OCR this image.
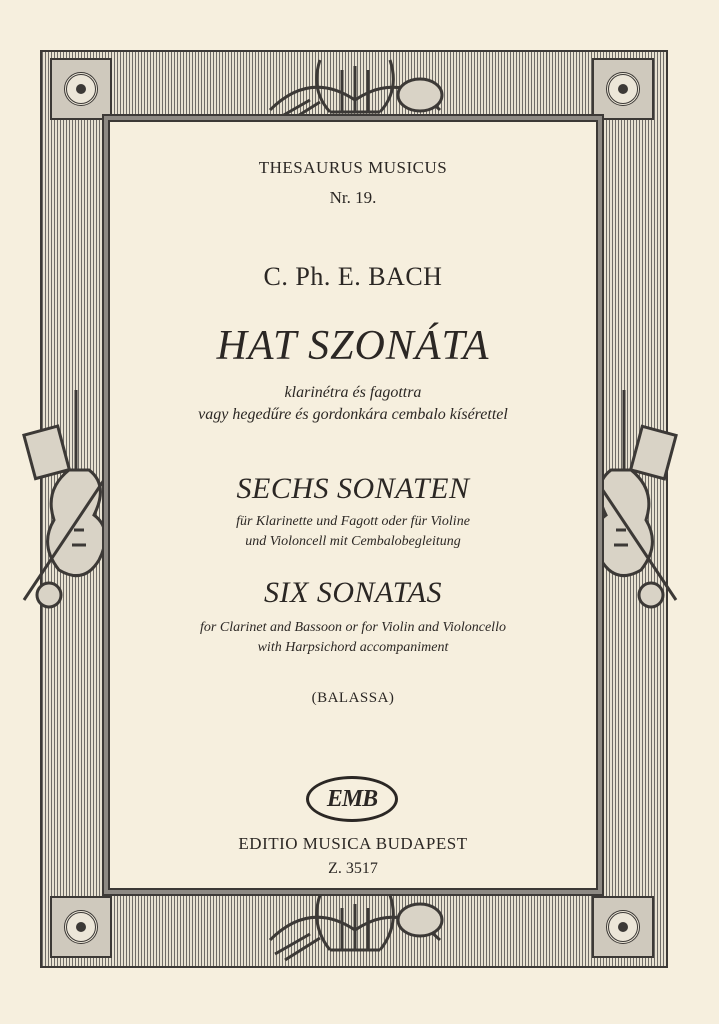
THESAURUS MUSICUS
Nr. 19.
C. Ph. E. BACH
HAT SZONÁTA
klarinétra és fagottra
vagy hegedűre és gordonkára cembalo kísérettel
SECHS SONATEN
für Klarinette und Fagott oder für Violine
und Violoncell mit Cembalobegleitung
SIX SONATAS
for Clarinet and Bassoon or for Violin and Violoncello
with Harpsichord accompaniment
(BALASSA)
EMB
EDITIO MUSICA BUDAPEST
Z. 3517
